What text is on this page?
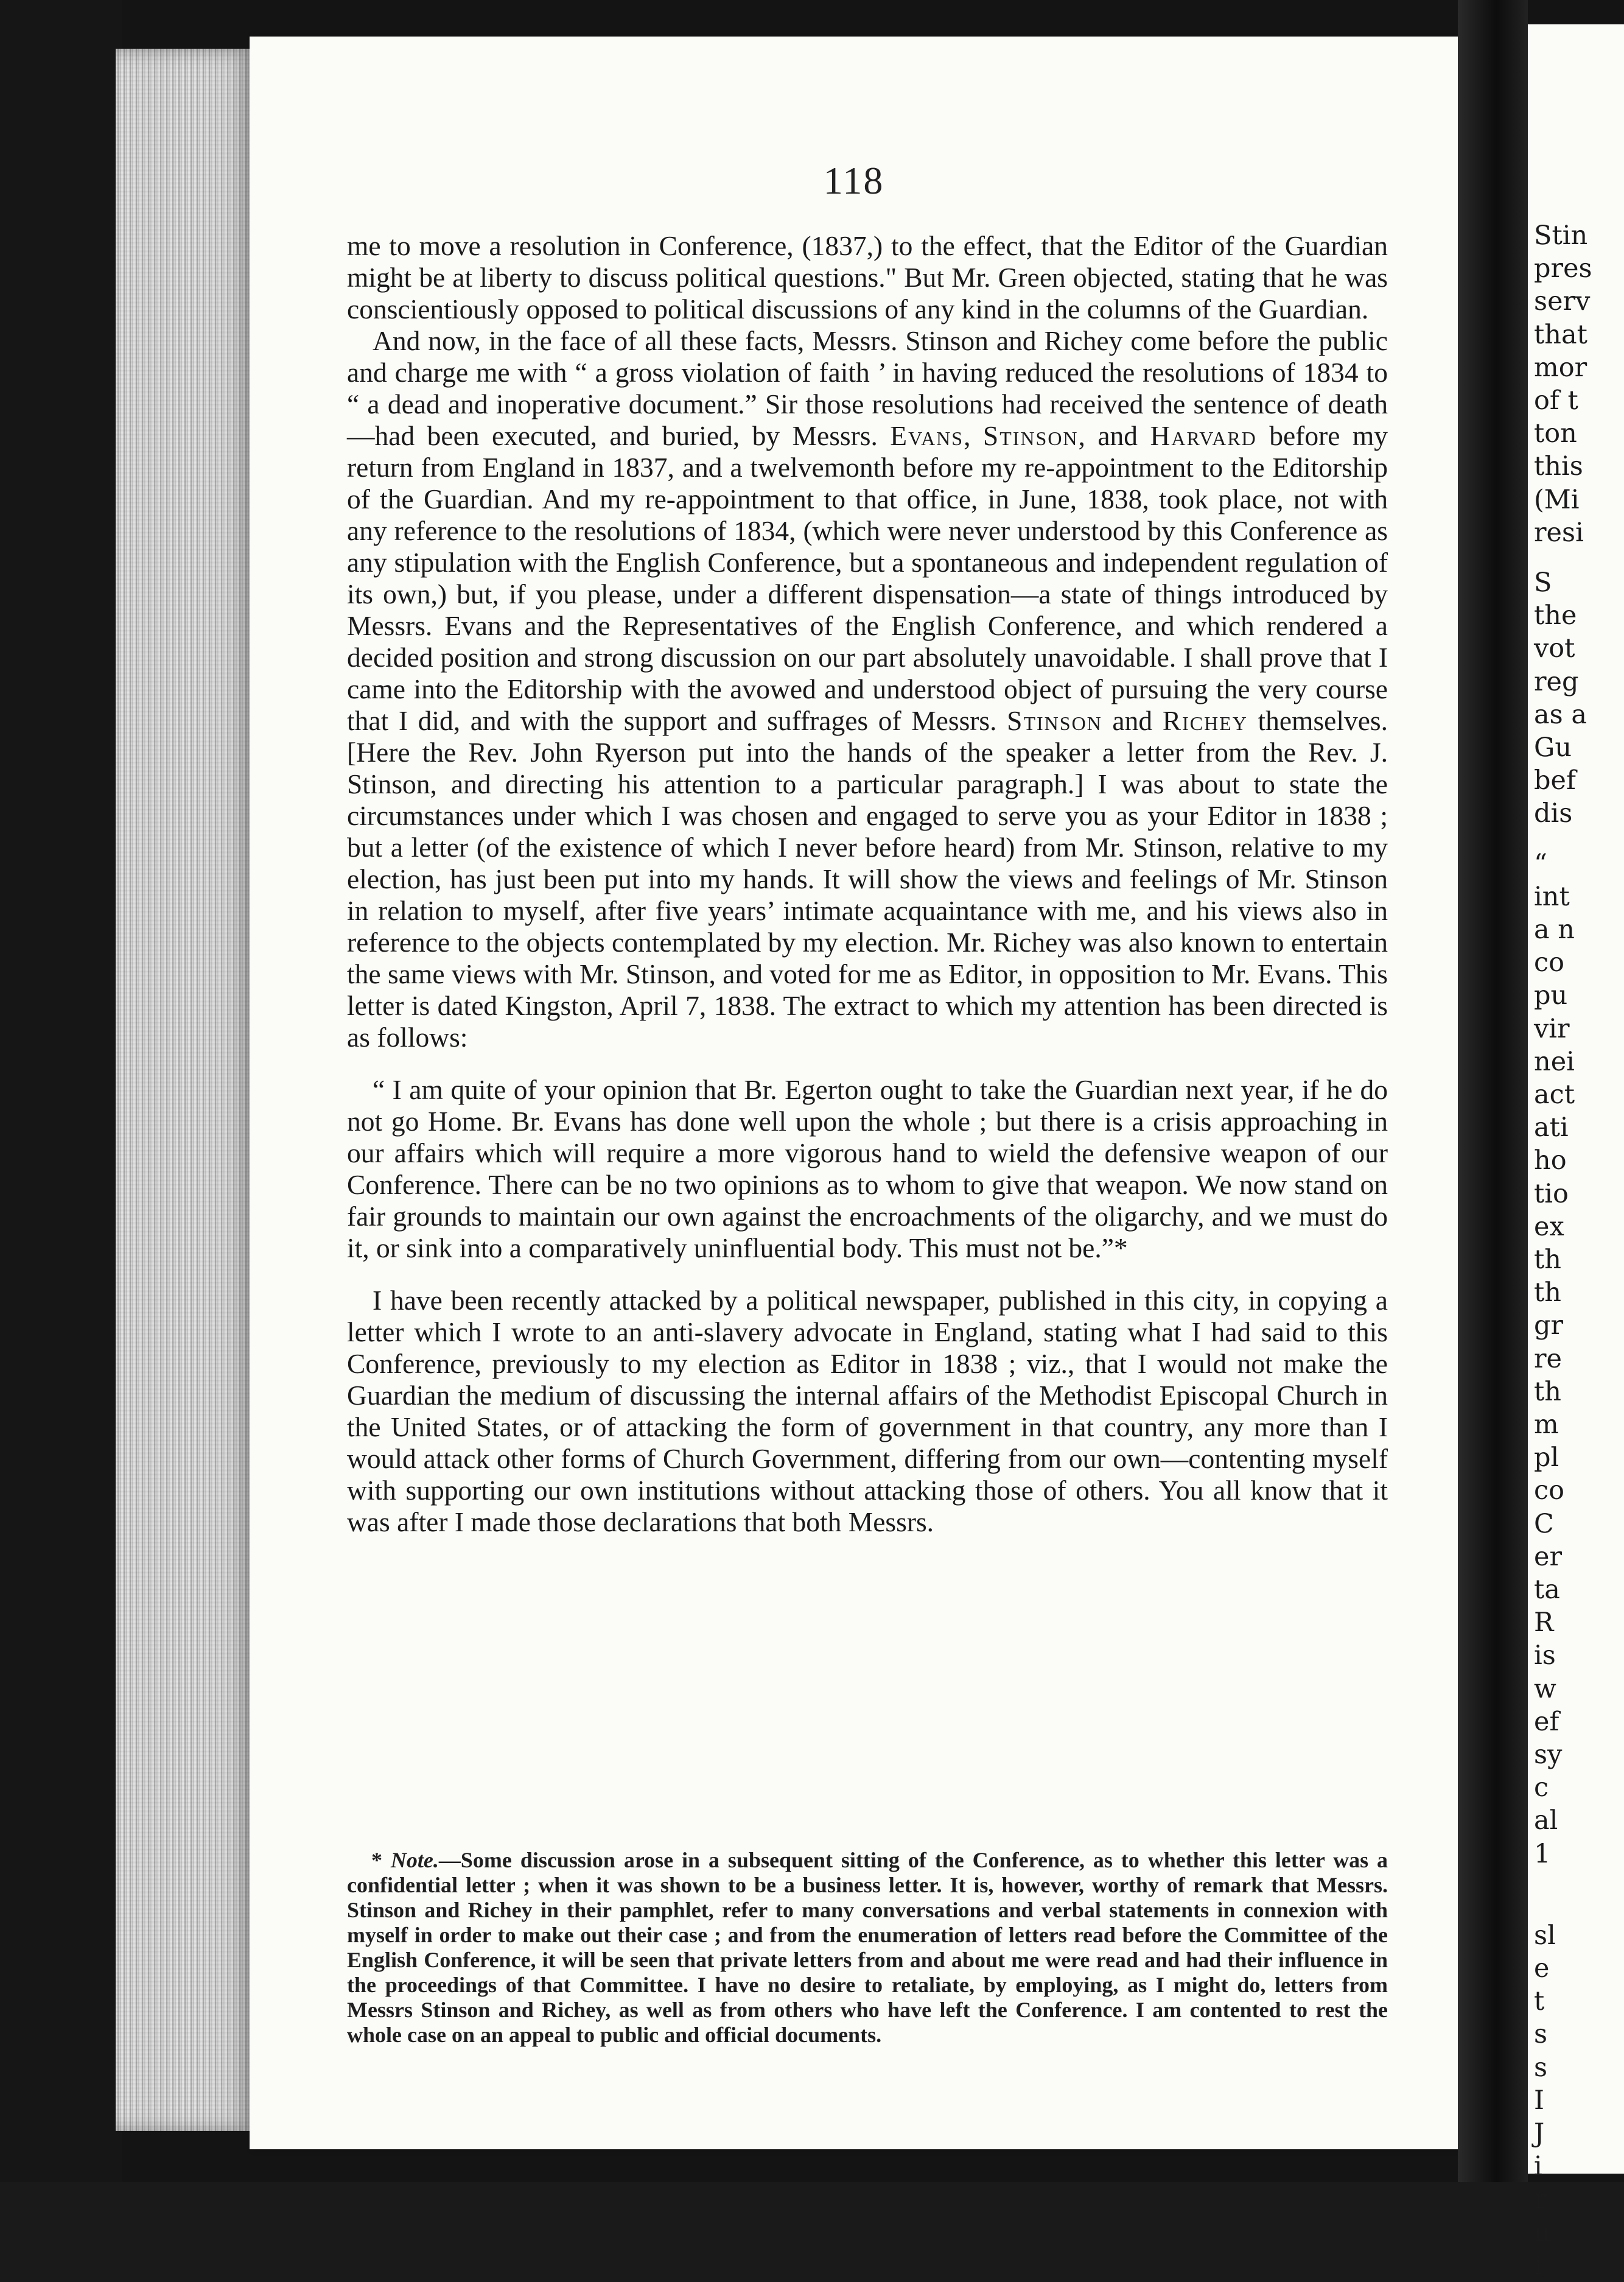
118

me to move a resolution in Conference, (1837,) to the effect, that the Editor of the Guardian might be at liberty to discuss political questions." But Mr. Green objected, stating that he was conscientiously opposed to political discussions of any kind in the columns of the Guardian.

And now, in the face of all these facts, Messrs. Stinson and Richey come before the public and charge me with “ a gross violation of faith ’ in having reduced the resolutions of 1834 to “ a dead and inoperative document.” Sir those resolutions had received the sentence of death—had been executed, and buried, by Messrs. Evans, Stinson, and Harvard before my return from England in 1837, and a twelvemonth before my re-appointment to the Editorship of the Guardian. And my re-appointment to that office, in June, 1838, took place, not with any reference to the resolutions of 1834, (which were never understood by this Conference as any stipulation with the English Conference, but a spontaneous and independent regulation of its own,) but, if you please, under a different dispensation—a state of things introduced by Messrs. Evans and the Representatives of the English Conference, and which rendered a decided position and strong discussion on our part absolutely unavoidable. I shall prove that I came into the Editorship with the avowed and understood object of pursuing the very course that I did, and with the support and suffrages of Messrs. Stinson and Richey themselves. [Here the Rev. John Ryerson put into the hands of the speaker a letter from the Rev. J. Stinson, and directing his attention to a particular paragraph.] I was about to state the circumstances under which I was chosen and engaged to serve you as your Editor in 1838 ; but a letter (of the existence of which I never before heard) from Mr. Stinson, relative to my election, has just been put into my hands. It will show the views and feelings of Mr. Stinson in relation to myself, after five years’ intimate acquaintance with me, and his views also in reference to the objects contemplated by my election. Mr. Richey was also known to entertain the same views with Mr. Stinson, and voted for me as Editor, in opposition to Mr. Evans. This letter is dated Kingston, April 7, 1838. The extract to which my attention has been directed is as follows:

“ I am quite of your opinion that Br. Egerton ought to take the Guardian next year, if he do not go Home. Br. Evans has done well upon the whole ; but there is a crisis approaching in our affairs which will require a more vigorous hand to wield the defensive weapon of our Conference. There can be no two opinions as to whom to give that weapon. We now stand on fair grounds to maintain our own against the encroachments of the oligarchy, and we must do it, or sink into a comparatively uninfluential body. This must not be.”*

I have been recently attacked by a political newspaper, published in this city, in copying a letter which I wrote to an anti-slavery advocate in England, stating what I had said to this Conference, previously to my election as Editor in 1838 ; viz., that I would not make the Guardian the medium of discussing the internal affairs of the Methodist Episcopal Church in the United States, or of attacking the form of government in that country, any more than I would attack other forms of Church Government, differing from our own—contenting myself with supporting our own institutions without attacking those of others. You all know that it was after I made those declarations that both Messrs.

* Note.—Some discussion arose in a subsequent sitting of the Conference, as to whether this letter was a confidential letter ; when it was shown to be a business letter. It is, however, worthy of remark that Messrs. Stinson and Richey in their pamphlet, refer to many conversations and verbal statements in connexion with myself in order to make out their case ; and from the enumeration of letters read before the Committee of the English Conference, it will be seen that private letters from and about me were read and had their influence in the proceedings of that Committee. I have no desire to retaliate, by employing, as I might do, letters from Messrs Stinson and Richey, as well as from others who have left the Conference. I am contented to rest the whole case on an appeal to public and official documents.

Stin

pres

serv

that

mor

of t

ton

this

(Mi

resi

S

the

vot

reg

as a

Gu

bef

dis

“

int

a n

co

pu

vir

nei

act

ati

ho

tio

ex

th

th

gr

re

th

m

pl

co

C

er

ta

R

is

w

ef

sy

c

al

1

sl

e

t

s

s

I

J

i

r

u

i
